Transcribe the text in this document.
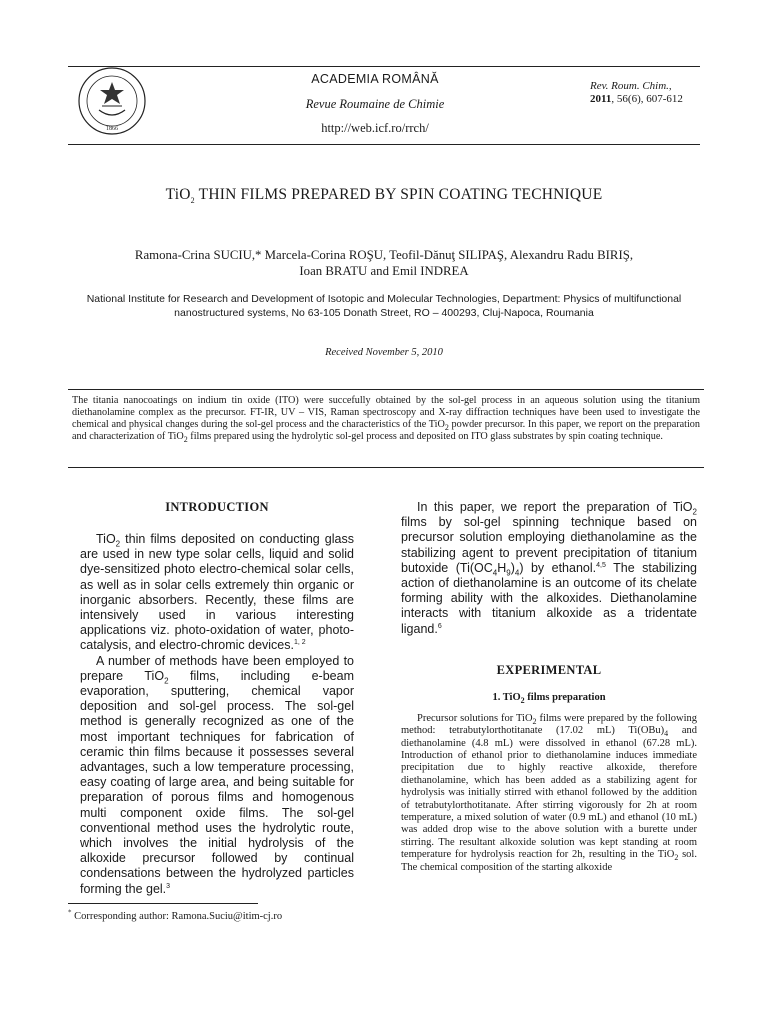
1866
ACADEMIA ROMÂNĂ
Revue Roumaine de Chimie
http://web.icf.ro/rrch/
Rev. Roum. Chim.,
2011, 56(6), 607-612
TiO$_2$ THIN FILMS PREPARED BY SPIN COATING TECHNIQUE
Ramona-Crina SUCIU,* Marcela-Corina ROŞU, Teofil-Dănuţ SILIPAŞ, Alexandru Radu BIRIŞ,
Ioan BRATU and Emil INDREA
National Institute for Research and Development of Isotopic and Molecular Technologies, Department: Physics of multifunctional
nanostructured systems, No 63-105 Donath Street, RO – 400293, Cluj-Napoca, Roumania
Received November 5, 2010
The titania nanocoatings on indium tin oxide (ITO) were succefully obtained by the sol-gel process in an aqueous solution using the titanium diethanolamine complex as the precursor. FT-IR, UV – VIS, Raman spectroscopy and X-ray diffraction techniques have been used to investigate the chemical and physical changes during the sol-gel process and the characteristics of the TiO$_2$ powder precursor. In this paper, we report on the preparation and characterization of TiO$_2$ films prepared using the hydrolytic sol-gel process and deposited on ITO glass substrates by spin coating technique.
INTRODUCTION

TiO$_2$ thin films deposited on conducting glass are used in new type solar cells, liquid and solid dye-sensitized photo electro-chemical solar cells, as well as in solar cells extremely thin organic or inorganic absorbers. Recently, these films are intensively used in various interesting applications viz. photo-oxidation of water, photo-catalysis, and electro-chromic devices.$^{1, 2}$

A number of methods have been employed to prepare TiO$_2$ films, including e-beam evaporation, sputtering, chemical vapor deposition and sol-gel process. The sol-gel method is generally recognized as one of the most important techniques for fabrication of ceramic thin films because it possesses several advantages, such a low temperature processing, easy coating of large area, and being suitable for preparation of porous films and homogenous multi component oxide films. The sol-gel conventional method uses the hydrolytic route, which involves the initial hydrolysis of the alkoxide precursor followed by continual condensations between the hydrolyzed particles forming the gel.$^3$

In this paper, we report the preparation of TiO$_2$ films by sol-gel spinning technique based on precursor solution employing diethanolamine as the stabilizing agent to prevent precipitation of titanium butoxide $(Ti(OC_4H_9)_4)$ by ethanol.$^{4,5}$ The stabilizing action of diethanolamine is an outcome of its chelate forming ability with the alkoxides. Diethanolamine interacts with titanium alkoxide as a tridentate ligand.$^6$

EXPERIMENTAL
1. TiO$_2$ films preparation

Precursor solutions for TiO$_2$ films were prepared by the following method: tetrabutylorthotitanate (17.02 mL) $Ti(OBu)_4$ and diethanolamine (4.8 mL) were dissolved in ethanol (67.28 mL). Introduction of ethanol prior to diethanolamine induces immediate precipitation due to highly reactive alkoxide, therefore diethanolamine, which has been added as a stabilizing agent for hydrolysis was initially stirred with ethanol followed by the addition of tetrabutylorthotitanate. After stirring vigorously for 2h at room temperature, a mixed solution of water (0.9 mL) and ethanol (10 mL) was added drop wise to the above solution with a burette under stirring. The resultant alkoxide solution was kept standing at room temperature for hydrolysis reaction for 2h, resulting in the TiO$_2$ sol. The chemical composition of the starting alkoxide

* Corresponding author: Ramona.Suciu@itim-cj.ro
